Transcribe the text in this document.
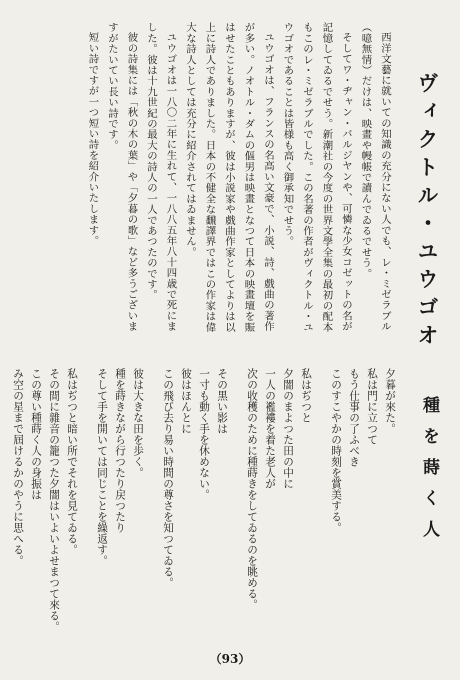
ヴィクトル・ユウゴオ

西洋文藝に就いての知識の充分にない人でも、レ・ミゼラブル（噫無情）だけは、映畫や幔帳で讀んでゐるでせう。

そしてワ・ヂャン・バルジヤンや、可憐な少女コゼットの名が記憶してゐるでせう。新潮社の今度の世界文學全集の最初の配本もこのレ・ミゼラブルでした。この名著の作者がヴィクトル・ユウゴオであることは皆様も高く御承知でせう。

ユウゴオは、フランスの名高い文豪で、小説、詩、戲曲の著作が多い。ノオトル・ダムの傴男は映畫となつて日本の映畫壇を賑はせたこともありますが、彼は小説家や戲曲作家としてよりは以上に詩人でありました。日本の不健全な飜譯界ではこの作家は偉大な詩人としては充分に紹介されてはゐません。

ユウゴオは一八〇二年に生れて、一八八五年八十四歳で死にました。彼は十九世紀の最大の詩人の一人であつたのです。

彼の詩集には「秋の木の葉」や「夕暮の歌」など多うございますがたいてい長い詩です。

短い詩ですが一つ短い詩を紹介いたします。

種を蒔く人

夕暮が來た。

私は門に立つて

もう仕事の了ふべき

このすこやかの時刻を賞美する。

私はぢつと

夕闇のまよつた田の中に

一人の襤褸を着た老人が

次の收穫のために種蒔きをしてゐるのを眺める。

その黒い影は

一寸も動く手を休めない。

彼はほんとに

この飛び去り易い時間の尊さを知つてゐる。

彼は大きな田を歩く。

種を蒔きながら行つたり戻つたり

そして手を開いては同じことを繰返す。

私はぢつと暗い所でそれを見てゐる。

その間に雜音の籠つた夕闇はいよいよせまつて來る。

この尊い種蒔く人の身振は

み空の星まで屆けるかのやうに思へる。

（93）
